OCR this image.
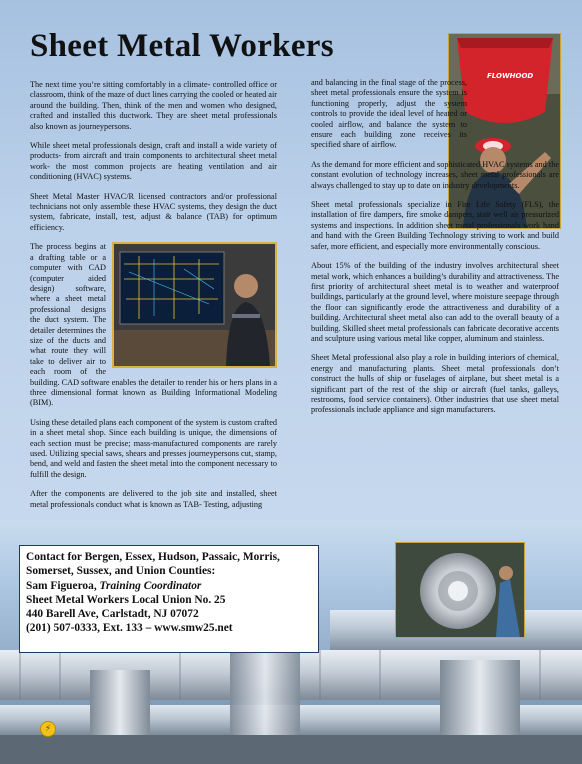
Sheet Metal Workers

The next time you’re sitting comfortably in a climate- controlled office or classroom, think of the maze of duct lines carrying the cooled or heated air around the building. Then, think of the men and women who designed, crafted and installed this ductwork. They are sheet metal professionals also known as journeypersons.

While sheet metal professionals design, craft and install a wide variety of products- from aircraft and train components to architectural sheet metal work- the most common projects are heating ventilation and air conditioning (HVAC) systems.

Sheet Metal Master HVAC/R licensed contractors and/or professional technicians not only assemble these HVAC systems, they design the duct system, fabricate, install, test, adjust & balance (TAB) for optimum efficiency.

The process begins at a drafting table or a computer with CAD (computer aided design) software, where a sheet metal professional designs the duct system. The detailer determines the size of the ducts and what route they will take to deliver air to each room of the building. CAD software enables the detailer to render his or hers plans in a three dimensional format known as Building Informational Modeling (BIM).

Using these detailed plans each component of the system is custom crafted in a sheet metal shop. Since each building is unique, the dimensions of each section must be precise; mass-manufactured components are rarely used. Utilizing special saws, shears and presses journeypersons cut, stamp, bend, and weld and fasten the sheet metal into the component necessary to fulfill the design.

After the components are delivered to the job site and installed, sheet metal professionals conduct what is known as TAB- Testing, adjusting

FLOWHOOD

and balancing in the final stage of the process, sheet metal professionals ensure the system is functioning properly, adjust the system controls to provide the ideal level of heated or cooled airflow, and balance the system to ensure each building zone receives its specified share of airflow.

As the demand for more efficient and sophisticated HVAC systems and the constant evolution of technology increases, sheet metal professionals are always challenged to stay up to date on industry developments.

Sheet metal professionals specialize in Fire Life Safety (FLS), the installation of fire dampers, fire smoke dampers, stair well air pressurized systems and inspections. In addition sheet metal professionals work hand and hand with the Green Building Technology striving to work and build safer, more efficient, and especially more environmentally conscious.

About 15% of the building of the industry involves architectural sheet metal work, which enhances a building’s durability and attractiveness. The first priority of architectural sheet metal is to weather and waterproof buildings, particularly at the ground level, where moisture seepage through the floor can significantly erode the attractiveness and durability of a building. Architectural sheet metal also can add to the overall beauty of a building. Skilled sheet metal professionals can fabricate decorative accents and sculpture using various metal like copper, aluminum and stainless.

Sheet Metal professional also play a role in building interiors of chemical, energy and manufacturing plants. Sheet metal professionals don’t construct the hulls of ship or fuselages of airplane, but sheet metal is a significant part of the rest of the ship or aircraft (fuel tanks, galleys, restrooms, food service containers). Other industries that use sheet metal professionals include appliance and sign manufacturers.

Contact for Bergen, Essex, Hudson, Passaic, Morris,
Somerset, Sussex, and Union Counties:
Sam Figueroa, Training Coordinator
Sheet Metal Workers Local Union No. 25
440 Barell Ave, Carlstadt, NJ 07072
(201) 507-0333, Ext. 133 – www.smw25.net
⚡
